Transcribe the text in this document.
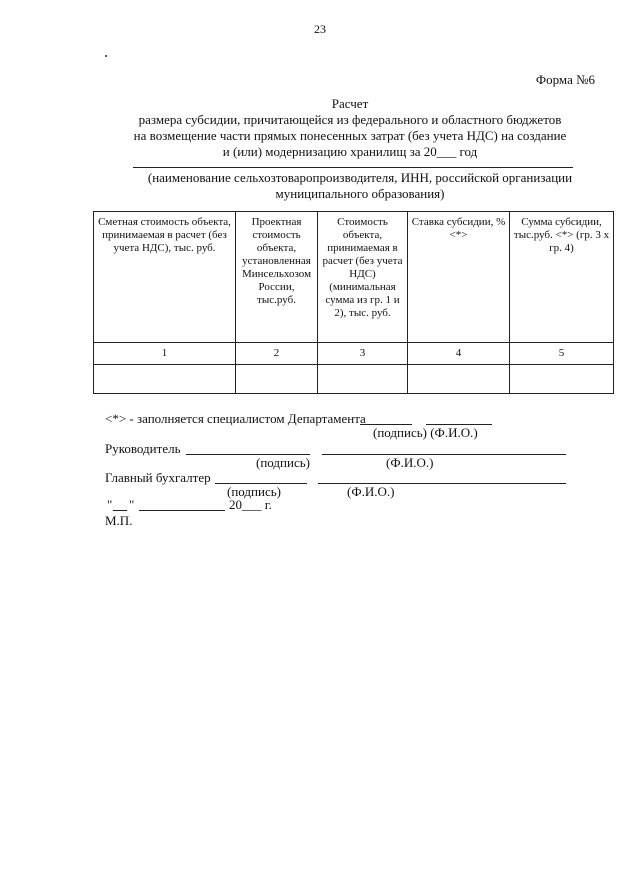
23
Форма №6
Расчет
размера субсидии, причитающейся из федерального и областного бюджетов
на возмещение части прямых понесенных затрат (без учета НДС) на создание
и (или) модернизацию хранилищ за 20___ год
(наименование сельхозтоваропроизводителя, ИНН, российской организации
муниципального образования)
Сметная стоимость объекта, принимаемая в расчет (без учета НДС), тыс. руб.	Проектная стоимость объекта, установленная Минсельхозом России, тыс.руб.	Стоимость объекта, принимаемая в расчет (без учета НДС) (минимальная сумма из гр. 1 и 2), тыс. руб.	Ставка субсидии, % <*>	Сумма субсидии, тыс.руб. <*> (гр. 3 x гр. 4)
1	2	3	4	5

<*> - заполняется специалистом Департамента
(подпись) (Ф.И.О.)
Руководитель
(подпись)	(Ф.И.О.)
Главный бухгалтер
(подпись)	(Ф.И.О.)
" "	20___ г.
М.П.
